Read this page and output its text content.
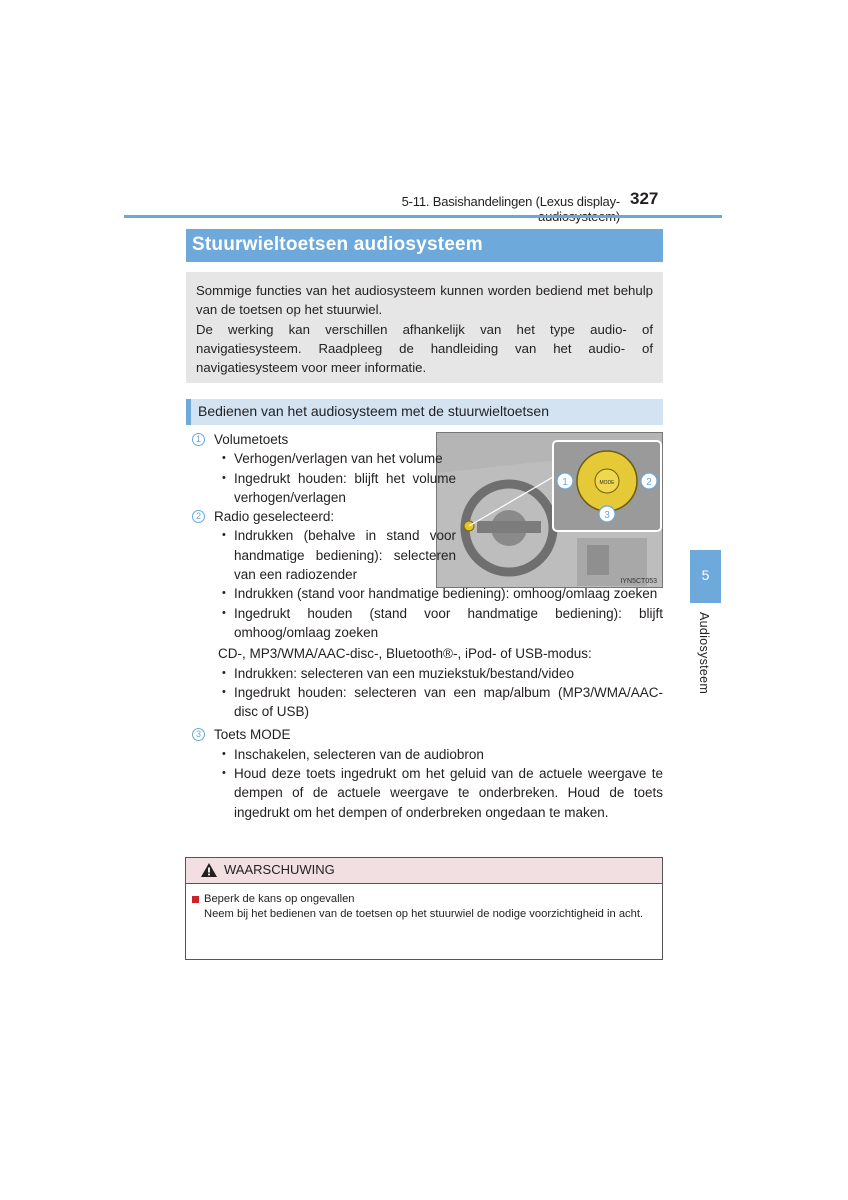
5-11. Basishandelingen (Lexus display- 327
Stuurwieltoetsen audiosysteem

Sommige functies van het audiosysteem kunnen worden bediend met behulp van de toetsen op het stuurwiel.

De werking kan verschillen afhankelijk van het type audio- of navigatiesysteem. Raadpleeg de handleiding van het audio- of navigatiesysteem voor meer informatie.

Bedienen van het audiosysteem met de stuurwieltoetsen
MODE
1	2
3
IYN5CT053
1 Volumetoets
• Verhogen/verlagen van het volume
• Ingedrukt houden: blijft het volume verhogen/verlagen
2 Radio geselecteerd:
• Indrukken (behalve in stand voor handmatige bediening): selecteren van een radiozender
• Indrukken (stand voor handmatige bediening): omhoog/omlaag zoeken
• Ingedrukt houden (stand voor handmatige bediening): blijft omhoog/omlaag zoeken
CD-, MP3/WMA/AAC-disc-, Bluetooth®-, iPod- of USB-modus:
• Indrukken: selecteren van een muziekstuk/bestand/video
• Ingedrukt houden: selecteren van een map/album (MP3/WMA/AAC-disc of USB)
3 Toets MODE
• Inschakelen, selecteren van de audiobron
• Houd deze toets ingedrukt om het geluid van de actuele weergave te dempen of de actuele weergave te onderbreken. Houd de toets ingedrukt om het dempen of onderbreken ongedaan te maken.
WAARSCHUWING
Beperk de kans op ongevallen
Neem bij het bedienen van de toetsen op het stuurwiel de nodige voorzichtigheid in acht.
5
Audiosysteem
